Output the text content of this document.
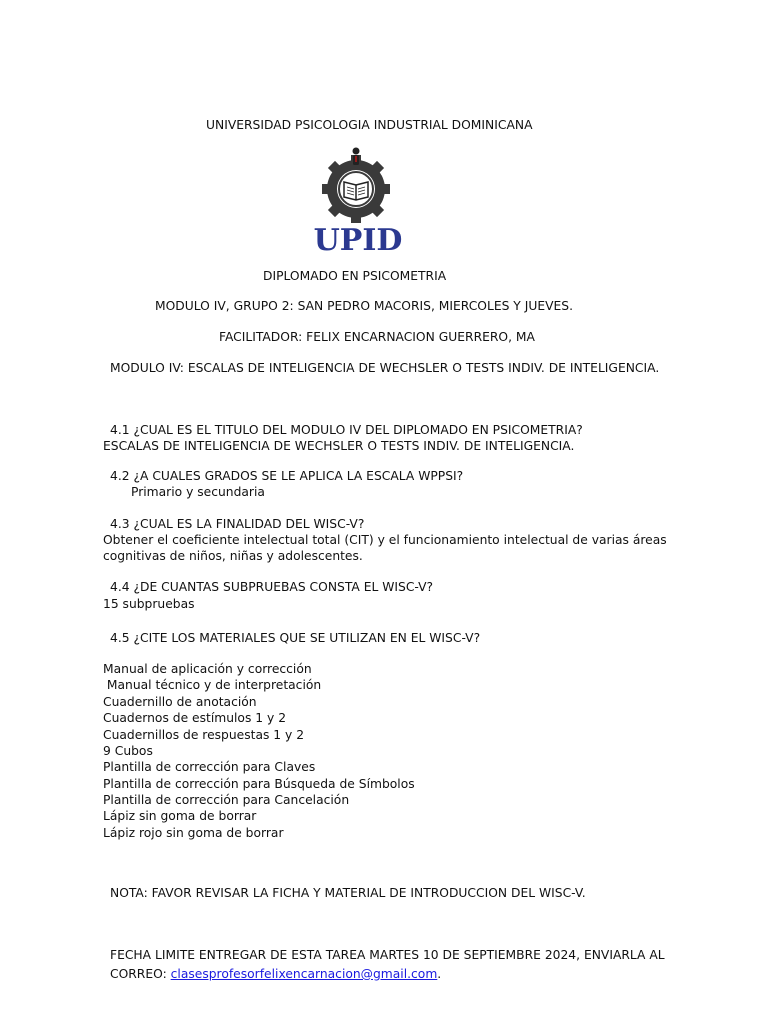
UNIVERSIDAD PSICOLOGIA INDUSTRIAL DOMINICANA
UPID
DIPLOMADO EN PSICOMETRIA
MODULO IV, GRUPO 2: SAN PEDRO MACORIS, MIERCOLES Y JUEVES.
FACILITADOR: FELIX ENCARNACION GUERRERO, MA
MODULO IV: ESCALAS DE INTELIGENCIA DE WECHSLER O TESTS INDIV. DE INTELIGENCIA.
4.1 ¿CUAL ES EL TITULO DEL MODULO IV DEL DIPLOMADO EN PSICOMETRIA?
ESCALAS DE INTELIGENCIA DE WECHSLER O TESTS INDIV. DE INTELIGENCIA.
4.2 ¿A CUALES GRADOS SE LE APLICA LA ESCALA WPPSI?
Primario y secundaria
4.3 ¿CUAL ES LA FINALIDAD DEL WISC-V?
Obtener el coeficiente intelectual total (CIT) y el funcionamiento intelectual de varias áreas
cognitivas de niños, niñas y adolescentes.
4.4 ¿DE CUANTAS SUBPRUEBAS CONSTA EL WISC-V?
15 subpruebas
4.5 ¿CITE LOS MATERIALES QUE SE UTILIZAN EN EL WISC-V?
Manual de aplicación y corrección
Manual técnico y de interpretación
Cuadernillo de anotación
Cuadernos de estímulos 1 y 2
Cuadernillos de respuestas 1 y 2
9 Cubos
Plantilla de corrección para Claves
Plantilla de corrección para Búsqueda de Símbolos
Plantilla de corrección para Cancelación
Lápiz sin goma de borrar
Lápiz rojo sin goma de borrar
NOTA: FAVOR REVISAR LA FICHA Y MATERIAL DE INTRODUCCION DEL WISC-V.
FECHA LIMITE ENTREGAR DE ESTA TAREA MARTES 10 DE SEPTIEMBRE 2024, ENVIARLA AL
CORREO: clasesprofesorfelixencarnacion@gmail.com.
